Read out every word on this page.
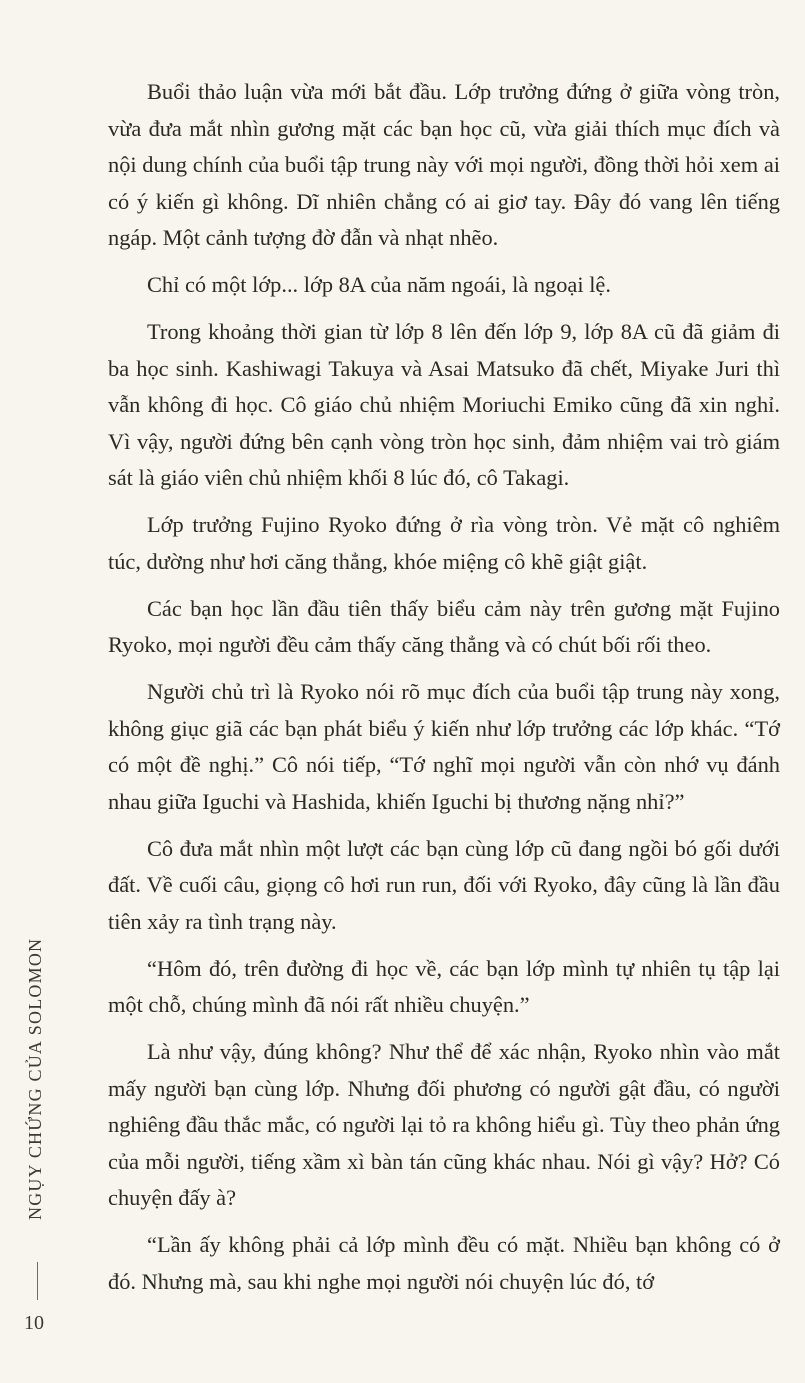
Buổi thảo luận vừa mới bắt đầu. Lớp trưởng đứng ở giữa vòng tròn, vừa đưa mắt nhìn gương mặt các bạn học cũ, vừa giải thích mục đích và nội dung chính của buổi tập trung này với mọi người, đồng thời hỏi xem ai có ý kiến gì không. Dĩ nhiên chẳng có ai giơ tay. Đây đó vang lên tiếng ngáp. Một cảnh tượng đờ đẫn và nhạt nhẽo.

Chỉ có một lớp... lớp 8A của năm ngoái, là ngoại lệ.

Trong khoảng thời gian từ lớp 8 lên đến lớp 9, lớp 8A cũ đã giảm đi ba học sinh. Kashiwagi Takuya và Asai Matsuko đã chết, Miyake Juri thì vẫn không đi học. Cô giáo chủ nhiệm Moriuchi Emiko cũng đã xin nghỉ. Vì vậy, người đứng bên cạnh vòng tròn học sinh, đảm nhiệm vai trò giám sát là giáo viên chủ nhiệm khối 8 lúc đó, cô Takagi.

Lớp trưởng Fujino Ryoko đứng ở rìa vòng tròn. Vẻ mặt cô nghiêm túc, dường như hơi căng thẳng, khóe miệng cô khẽ giật giật.

Các bạn học lần đầu tiên thấy biểu cảm này trên gương mặt Fujino Ryoko, mọi người đều cảm thấy căng thẳng và có chút bối rối theo.

Người chủ trì là Ryoko nói rõ mục đích của buổi tập trung này xong, không giục giã các bạn phát biểu ý kiến như lớp trưởng các lớp khác. “Tớ có một đề nghị.” Cô nói tiếp, “Tớ nghĩ mọi người vẫn còn nhớ vụ đánh nhau giữa Iguchi và Hashida, khiến Iguchi bị thương nặng nhỉ?”

Cô đưa mắt nhìn một lượt các bạn cùng lớp cũ đang ngồi bó gối dưới đất. Về cuối câu, giọng cô hơi run run, đối với Ryoko, đây cũng là lần đầu tiên xảy ra tình trạng này.

“Hôm đó, trên đường đi học về, các bạn lớp mình tự nhiên tụ tập lại một chỗ, chúng mình đã nói rất nhiều chuyện.”

Là như vậy, đúng không? Như thể để xác nhận, Ryoko nhìn vào mắt mấy người bạn cùng lớp. Nhưng đối phương có người gật đầu, có người nghiêng đầu thắc mắc, có người lại tỏ ra không hiểu gì. Tùy theo phản ứng của mỗi người, tiếng xầm xì bàn tán cũng khác nhau. Nói gì vậy? Hở? Có chuyện đấy à?

“Lần ấy không phải cả lớp mình đều có mặt. Nhiều bạn không có ở đó. Nhưng mà, sau khi nghe mọi người nói chuyện lúc đó, tớ

NGỤY CHỨNG CỦA SOLOMON
10
